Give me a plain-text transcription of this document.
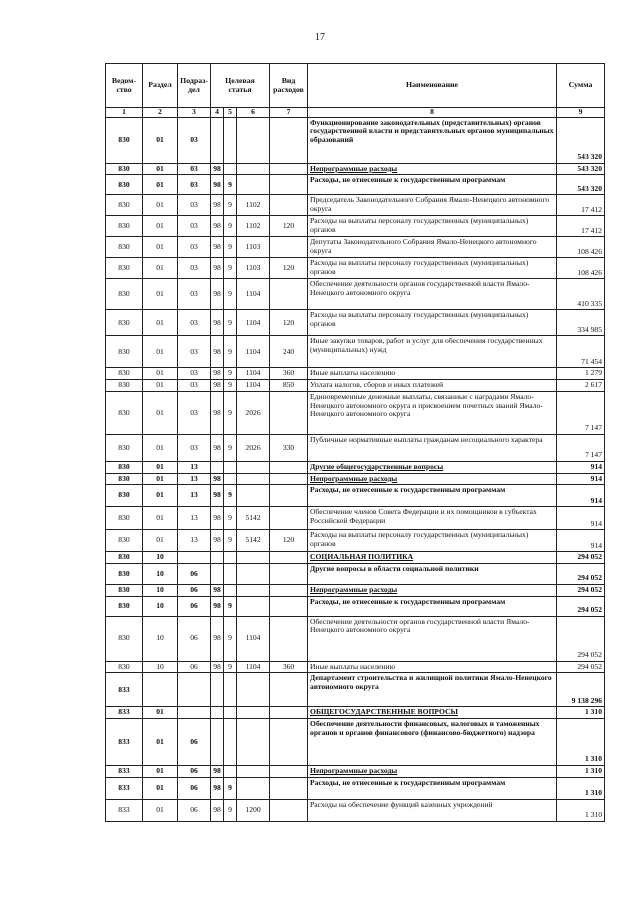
17
Ведом-ство	Раздел	Подраз-дел	Целевая статья			Вид расходов	Наименование	Сумма
1	2	3	4	5	6	7	8	9
830	01	03					Функционирование законодательных (представительных) органов государственной власти и представительных органов муниципальных образований	543 320
830	01	03	98				Непрограммные расходы	543 320
830	01	03	98	9			Расходы, не отнесенные к государственным программам	543 320
830	01	03	98	9	1102		Председатель Законодательного Собрания Ямало-Ненецкого автономного округа	17 412
830	01	03	98	9	1102	120	Расходы на выплаты персоналу государственных (муниципальных) органов	17 412
830	01	03	98	9	1103		Депутаты Законодательного Собрания Ямало-Ненецкого автономного округа	108 426
830	01	03	98	9	1103	120	Расходы на выплаты персоналу государственных (муниципальных) органов	108 426
830	01	03	98	9	1104		Обеспечение деятельности органов государственной власти Ямало-Ненецкого автономного округа	410 335
830	01	03	98	9	1104	120	Расходы на выплаты персоналу государственных (муниципальных) органов	334 985
830	01	03	98	9	1104	240	Иные закупки товаров, работ и услуг для обеспечения государственных (муниципальных) нужд	71 454
830	01	03	98	9	1104	360	Иные выплаты населению	1 279
830	01	03	98	9	1104	850	Уплата налогов, сборов и иных платежей	2 617
830	01	03	98	9	2026		Единовременные денежные выплаты, связанные с наградами Ямало-Ненецкого автономного округа и присвоением почетных званий Ямало-Ненецкого автономного округа	7 147
830	01	03	98	9	2026	330	Публичные нормативные выплаты гражданам несоциального характера	7 147
830	01	13					Другие общегосударственные вопросы	914
830	01	13	98				Непрограммные расходы	914
830	01	13	98	9			Расходы, не отнесенные к государственным программам	914
830	01	13	98	9	5142		Обеспечение членов Совета Федерации и их помощников в субъектах Российской Федерации	914
830	01	13	98	9	5142	120	Расходы на выплаты персоналу государственных (муниципальных) органов	914
830	10						СОЦИАЛЬНАЯ ПОЛИТИКА	294 052
830	10	06					Другие вопросы в области социальной политики	294 052
830	10	06	98				Непрограммные расходы	294 052
830	10	06	98	9			Расходы, не отнесенные к государственным программам	294 052
830	10	06	98	9	1104		Обеспечение деятельности органов государственной власти Ямало-Ненецкого автономного округа	294 052
830	10	06	98	9	1104	360	Иные выплаты населению	294 052
833							Департамент строительства и жилищной политики Ямало-Ненецкого автономного округа	9 138 296
833	01						ОБЩЕГОСУДАРСТВЕННЫЕ ВОПРОСЫ	1 310
833	01	06					Обеспечение деятельности финансовых, налоговых и таможенных органов и органов финансового (финансово-бюджетного) надзора	1 310
833	01	06	98				Непрограммные расходы	1 310
833	01	06	98	9			Расходы, не отнесенные к государственным программам	1 310
833	01	06	98	9	1200		Расходы на обеспечение функций казенных учреждений	1 310
